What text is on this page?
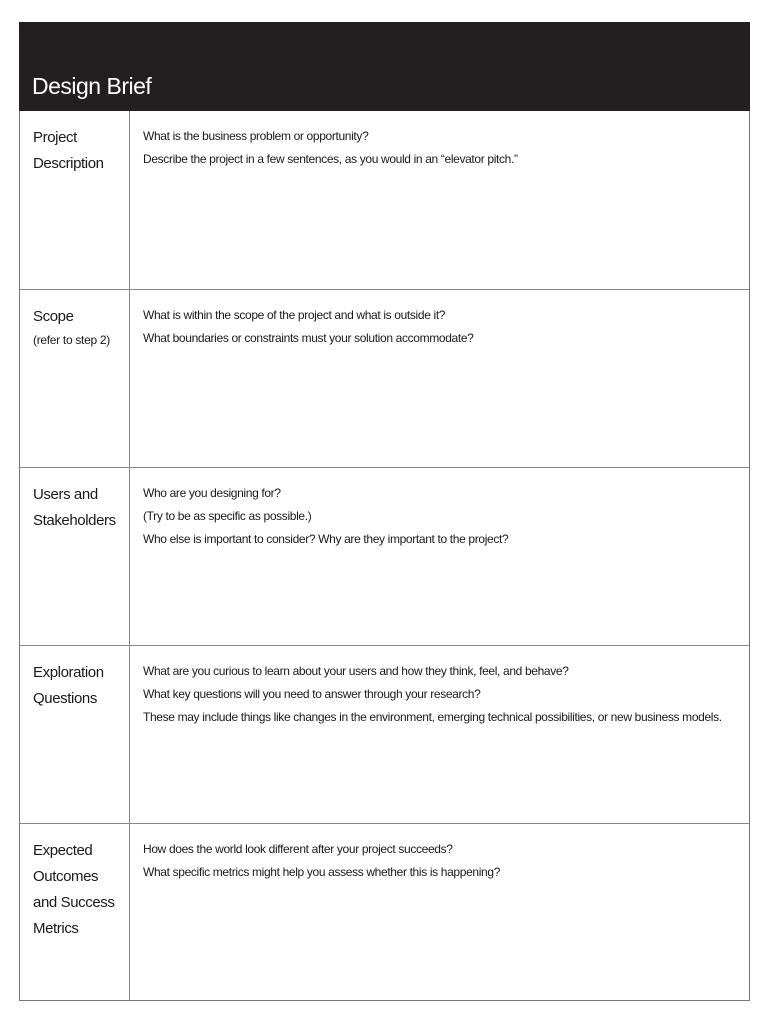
Design Brief
Project
Description
What is the business problem or opportunity?
Describe the project in a few sentences, as you would in an “elevator pitch.”
Scope
(refer to step 2)
What is within the scope of the project and what is outside it?
What boundaries or constraints must your solution accommodate?
Users and
Stakeholders
Who are you designing for?
(Try to be as specific as possible.)
Who else is important to consider? Why are they important to the project?
Exploration
Questions
What are you curious to learn about your users and how they think, feel, and behave?
What key questions will you need to answer through your research?
These may include things like changes in the environment, emerging technical possibilities, or new business models.
Expected
Outcomes
and Success
Metrics
How does the world look different after your project succeeds?
What specific metrics might help you assess whether this is happening?
